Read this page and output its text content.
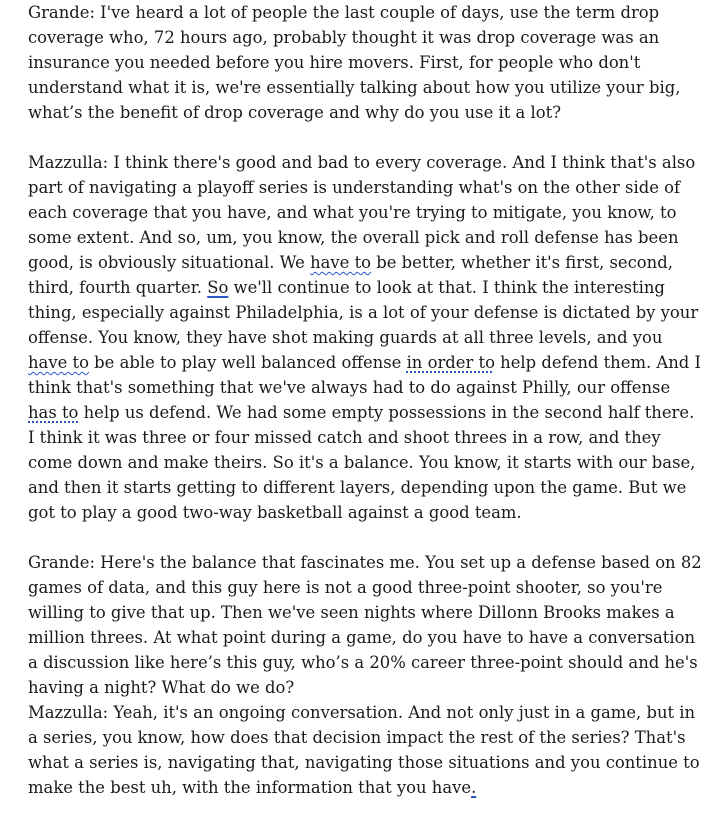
Grande: I've heard a lot of people the last couple of days, use the term drop
coverage who, 72 hours ago, probably thought it was drop coverage was an
insurance you needed before you hire movers. First, for people who don't
understand what it is, we're essentially talking about how you utilize your big,
what’s the benefit of drop coverage and why do you use it a lot?
Mazzulla: I think there's good and bad to every coverage. And I think that's also
part of navigating a playoff series is understanding what's on the other side of
each coverage that you have, and what you're trying to mitigate, you know, to
some extent. And so, um, you know, the overall pick and roll defense has been
good, is obviously situational. We have to be better, whether it's first, second,
third, fourth quarter. So we'll continue to look at that. I think the interesting
thing, especially against Philadelphia, is a lot of your defense is dictated by your
offense. You know, they have shot making guards at all three levels, and you
have to be able to play well balanced offense in order to help defend them. And I
think that's something that we've always had to do against Philly, our offense
has to help us defend. We had some empty possessions in the second half there.
I think it was three or four missed catch and shoot threes in a row, and they
come down and make theirs. So it's a balance. You know, it starts with our base,
and then it starts getting to different layers, depending upon the game. But we
got to play a good two-way basketball against a good team.
Grande: Here's the balance that fascinates me. You set up a defense based on 82
games of data, and this guy here is not a good three-point shooter, so you're
willing to give that up. Then we've seen nights where Dillonn Brooks makes a
million threes. At what point during a game, do you have to have a conversation
a discussion like here’s this guy, who’s a 20% career three-point should and he's
having a night? What do we do?
Mazzulla: Yeah, it's an ongoing conversation. And not only just in a game, but in
a series, you know, how does that decision impact the rest of the series? That's
what a series is, navigating that, navigating those situations and you continue to
make the best uh, with the information that you have.
